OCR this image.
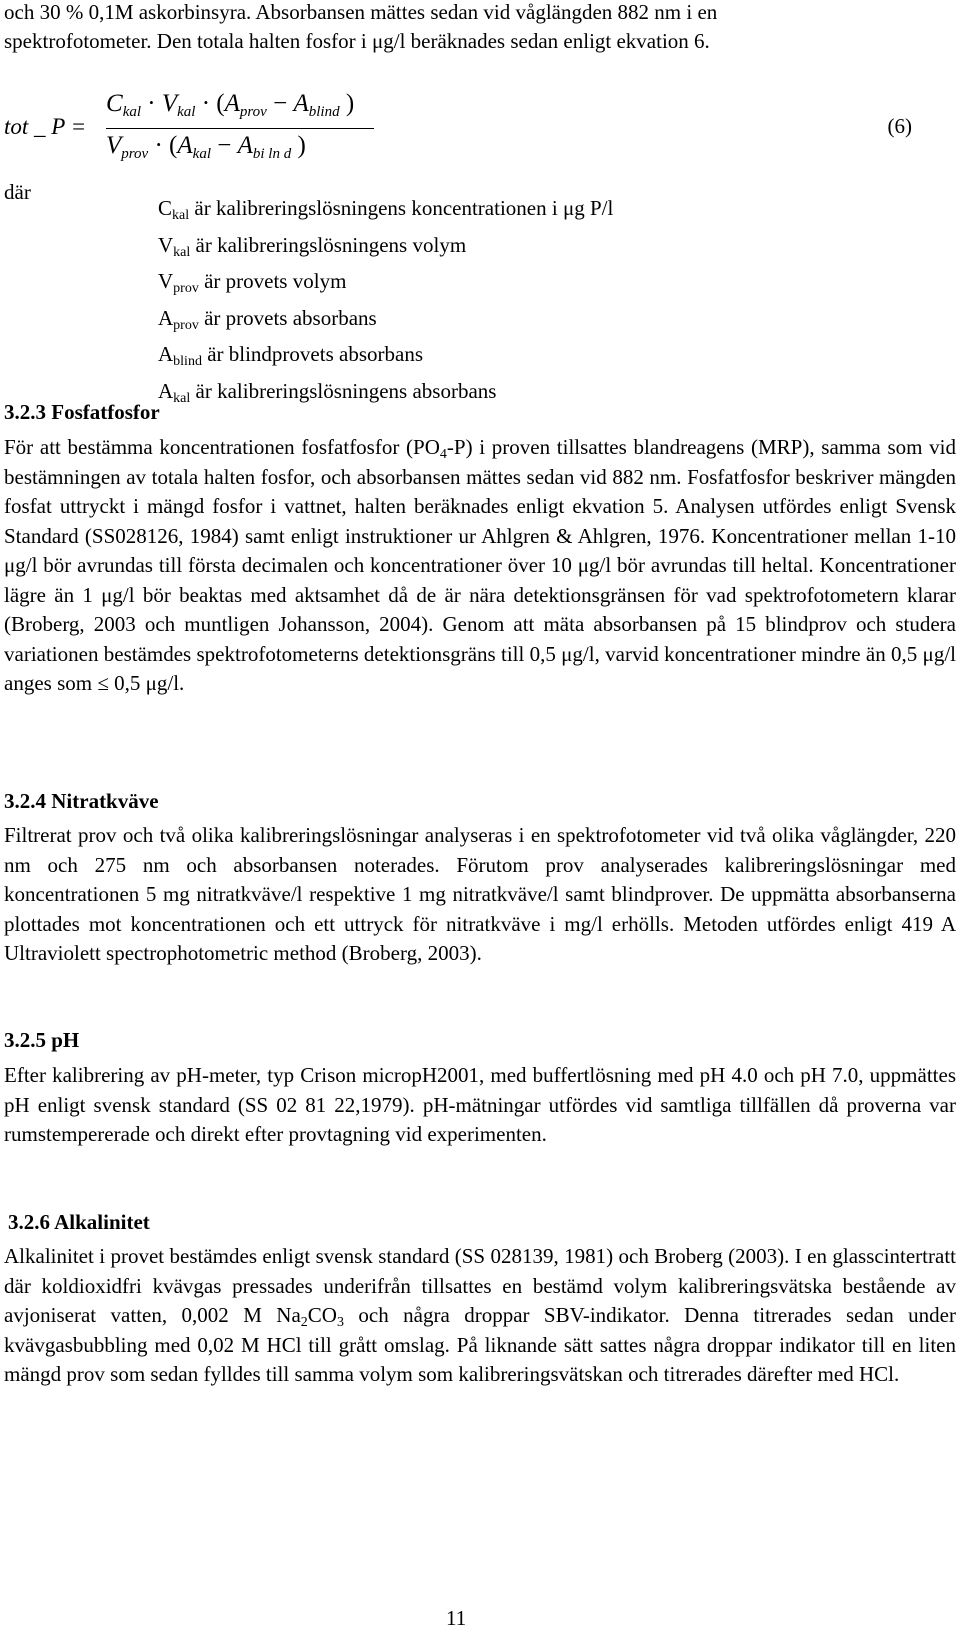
och 30 % 0,1M askorbinsyra. Absorbansen mättes sedan vid våglängden 882 nm i en

spektrofotometer. Den totala halten fosfor i μg/l beräknades sedan enligt ekvation 6.

tot _ P =
$C_{kal} \cdot V_{kal} \cdot (A_{prov} - A_{blind}$ )
$V_{prov} \cdot (A_{kal} - A_{bi ln d}$ )
(6)
där
$C_{kal}$ är kalibreringslösningens koncentrationen i μg P/l
$V_{kal}$ är kalibreringslösningens volym
$V_{prov}$ är provets volym
$A_{prov}$ är provets absorbans
$A_{blind}$ är blindprovets absorbans
$A_{kal}$ är kalibreringslösningens absorbans
3.2.3 Fosfatfosfor

För att bestämma koncentrationen fosfatfosfor $(PO_4-P)$ i proven tillsattes blandreagens (MRP), samma som vid bestämningen av totala halten fosfor, och absorbansen mättes sedan vid 882 nm. Fosfatfosfor beskriver mängden fosfat uttryckt i mängd fosfor i vattnet, halten beräknades enligt ekvation 5. Analysen utfördes enligt Svensk Standard (SS028126, 1984) samt enligt instruktioner ur Ahlgren & Ahlgren, 1976. Koncentrationer mellan 1-10 μg/l bör avrundas till första decimalen och koncentrationer över 10 μg/l bör avrundas till heltal. Koncentrationer lägre än 1 μg/l bör beaktas med aktsamhet då de är nära detektionsgränsen för vad spektrofotometern klarar (Broberg, 2003 och muntligen Johansson, 2004). Genom att mäta absorbansen på 15 blindprov och studera variationen bestämdes spektrofotometerns detektionsgräns till 0,5 μg/l, varvid koncentrationer mindre än 0,5 μg/l anges som ≤ 0,5 μg/l.

3.2.4 Nitratkväve

Filtrerat prov och två olika kalibreringslösningar analyseras i en spektrofotometer vid två olika våglängder, 220 nm och 275 nm och absorbansen noterades. Förutom prov analyserades kalibreringslösningar med koncentrationen 5 mg nitratkväve/l respektive 1 mg nitratkväve/l samt blindprover. De uppmätta absorbanserna plottades mot koncentrationen och ett uttryck för nitratkväve i mg/l erhölls. Metoden utfördes enligt 419 A Ultraviolett spectrophotometric method (Broberg, 2003).

3.2.5 pH

Efter kalibrering av pH-meter, typ Crison micropH2001, med buffertlösning med pH 4.0 och pH 7.0, uppmättes pH enligt svensk standard (SS 02 81 22,1979). pH-mätningar utfördes vid samtliga tillfällen då proverna var rumstempererade och direkt efter provtagning vid experimenten.

3.2.6 Alkalinitet

Alkalinitet i provet bestämdes enligt svensk standard (SS 028139, 1981) och Broberg (2003). I en glasscintertratt där koldioxidfri kvävgas pressades underifrån tillsattes en bestämd volym kalibreringsvätska bestående av avjoniserat vatten, 0,002 M $Na_2CO_3$ och några droppar SBV-indikator. Denna titrerades sedan under kvävgasbubbling med 0,02 M HCl till grått omslag. På liknande sätt sattes några droppar indikator till en liten mängd prov som sedan fylldes till samma volym som kalibreringsvätskan och titrerades därefter med HCl.

11
